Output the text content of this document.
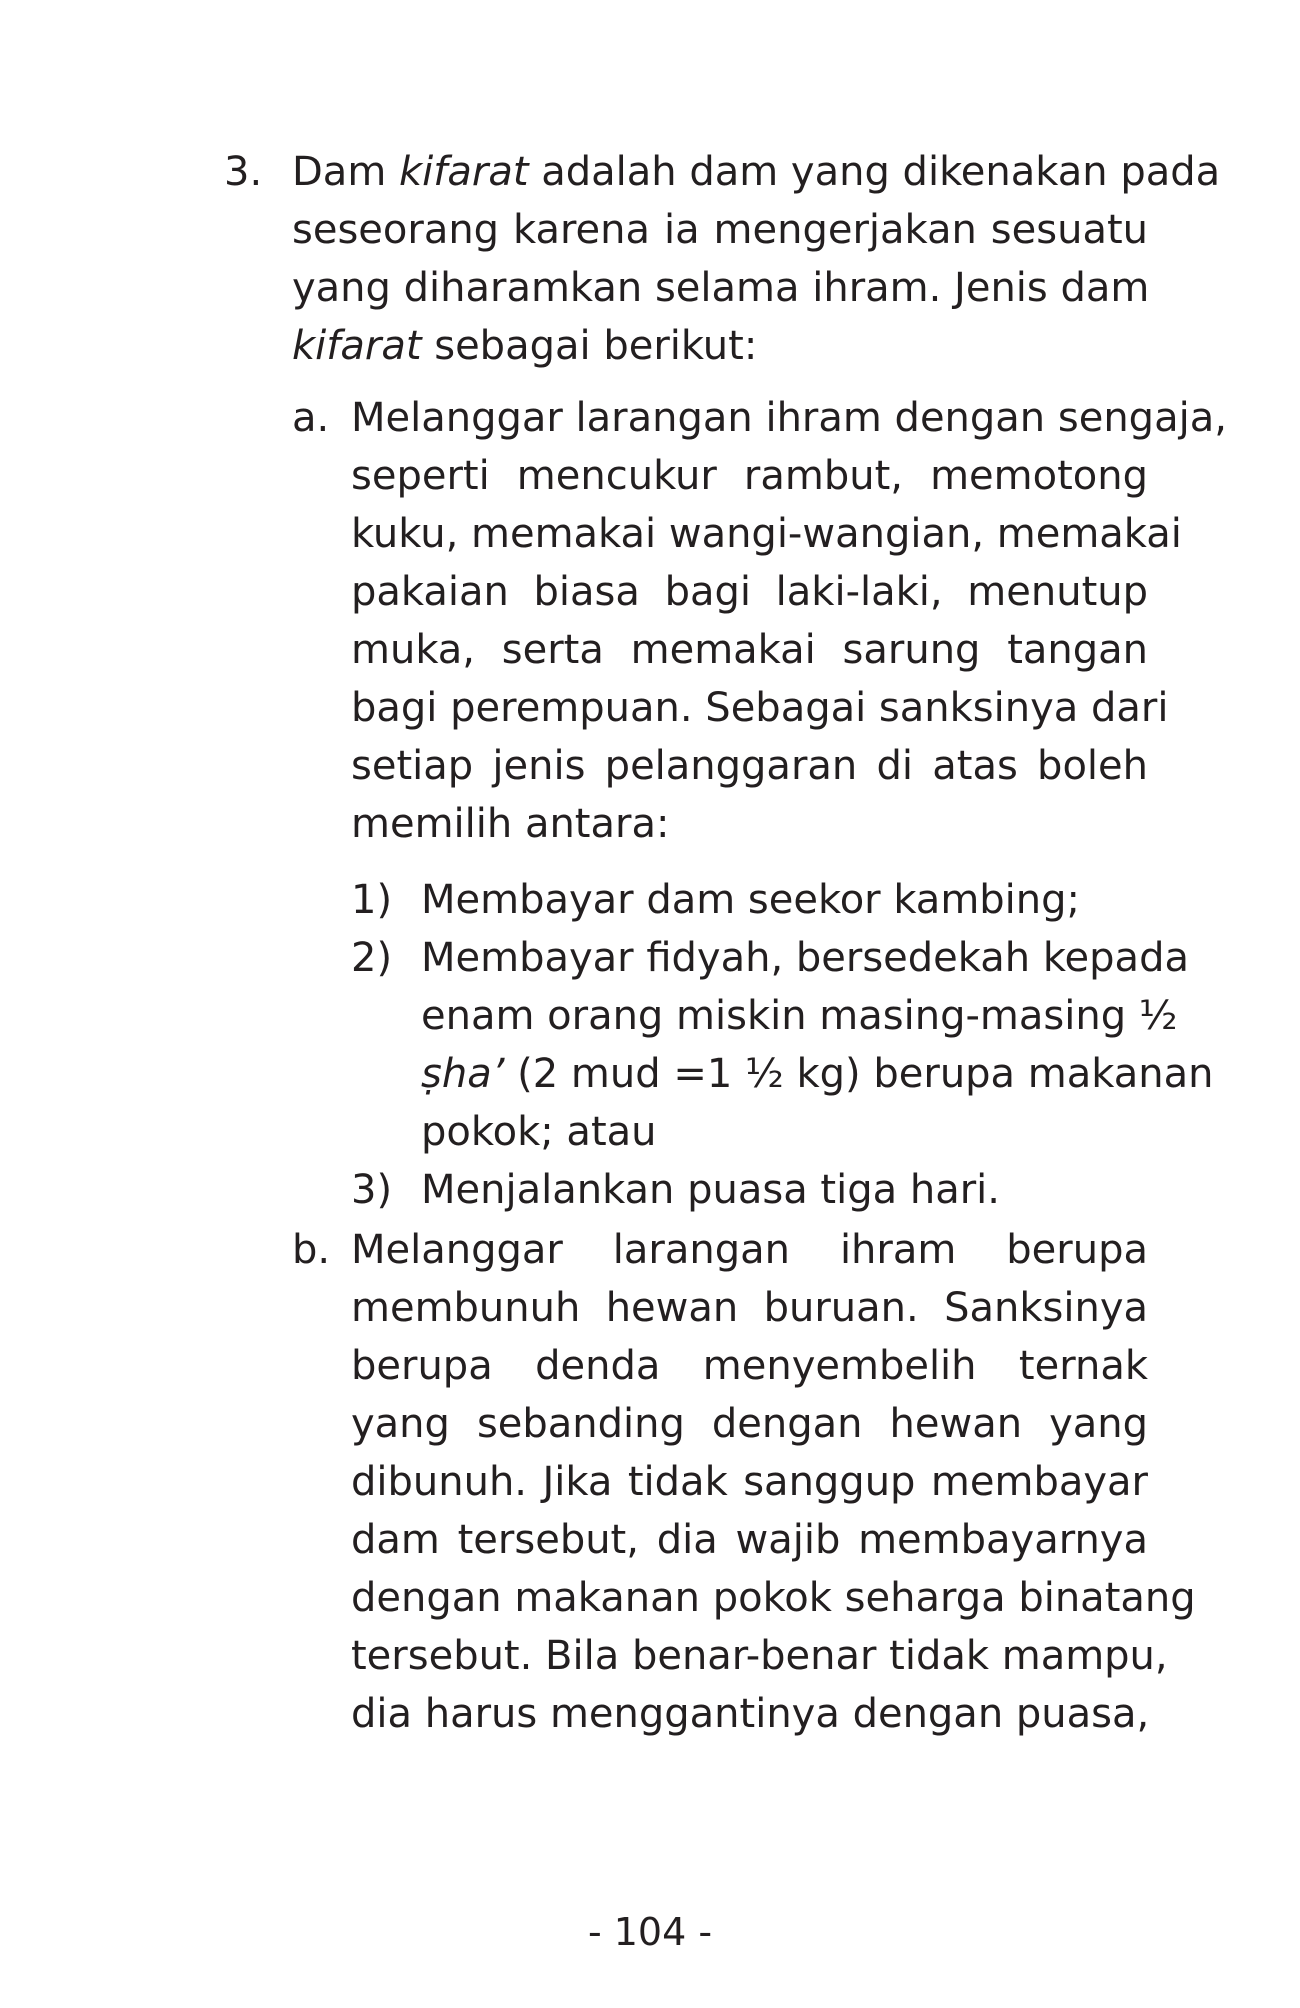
3. Dam kifarat adalah dam yang dikenakan pada
seseorang karena ia mengerjakan sesuatu
yang diharamkan selama ihram. Jenis dam
kifarat sebagai berikut:
a. Melanggar larangan ihram dengan sengaja,
seperti mencukur rambut, memotong
kuku, memakai wangi-wangian, memakai
pakaian biasa bagi laki-laki, menutup
muka, serta memakai sarung tangan
bagi perempuan. Sebagai sanksinya dari
setiap jenis pelanggaran di atas boleh
memilih antara:
1) Membayar dam seekor kambing;
2) Membayar fidyah, bersedekah kepada
enam orang miskin masing-masing ½
ṣha’ (2 mud =1 ½ kg) berupa makanan
pokok; atau
3) Menjalankan puasa tiga hari.
b. Melanggar larangan ihram berupa
membunuh hewan buruan. Sanksinya
berupa denda menyembelih ternak
yang sebanding dengan hewan yang
dibunuh. Jika tidak sanggup membayar
dam tersebut, dia wajib membayarnya
dengan makanan pokok seharga binatang
tersebut. Bila benar-benar tidak mampu,
dia harus menggantinya dengan puasa,
- 104 -
